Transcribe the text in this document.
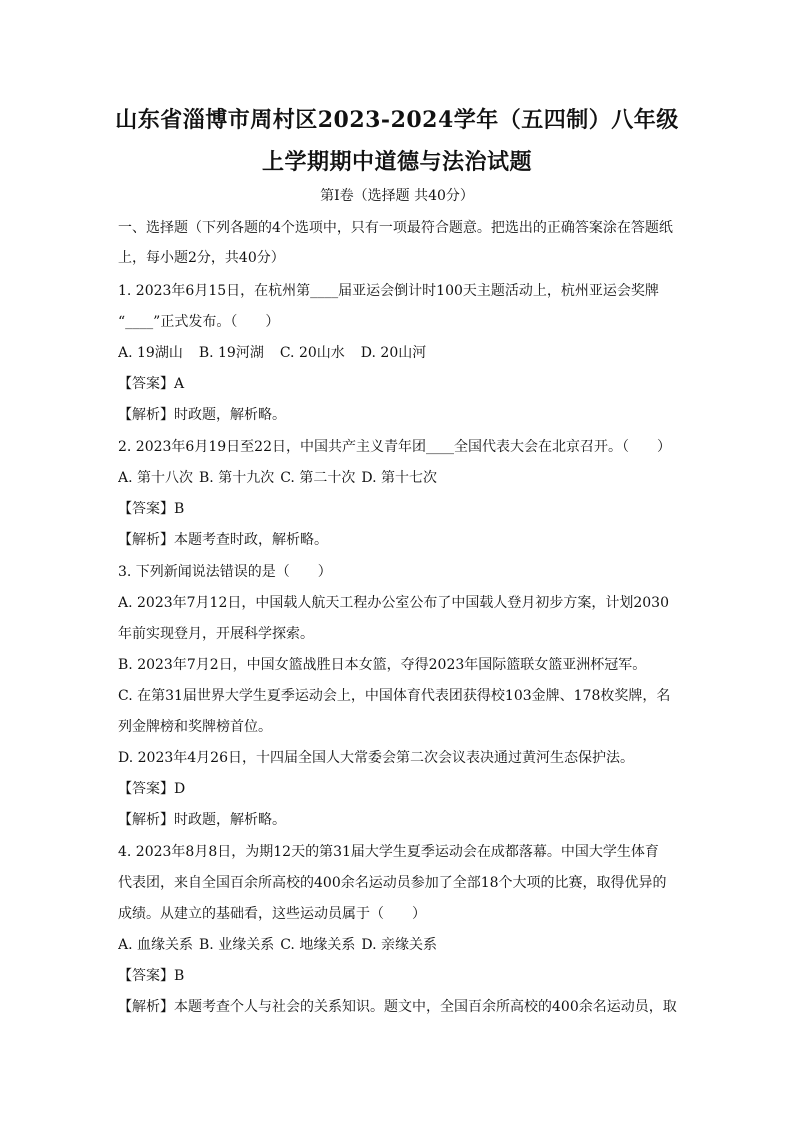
山东省淄博市周村区2023-2024学年（五四制）八年级
上学期期中道德与法治试题
第Ⅰ卷（选择题 共40分）
一、选择题（下列各题的4个选项中，只有一项最符合题意。把选出的正确答案涂在答题纸
上，每小题2分，共40分）
1. 2023年6月15日，在杭州第____届亚运会倒计时100天主题活动上，杭州亚运会奖牌
“____”正式发布。（　　）
A. 19湖山 B. 19河湖 C. 20山水 D. 20山河
【答案】A
【解析】时政题，解析略。
2. 2023年6月19日至22日，中国共产主义青年团____全国代表大会在北京召开。（　　）
A. 第十八次 B. 第十九次 C. 第二十次 D. 第十七次
【答案】B
【解析】本题考查时政，解析略。
3. 下列新闻说法错误的是（　　）
A. 2023年7月12日，中国载人航天工程办公室公布了中国载人登月初步方案，计划2030
年前实现登月，开展科学探索。
B. 2023年7月2日，中国女篮战胜日本女篮，夺得2023年国际篮联女篮亚洲杯冠军。
C. 在第31届世界大学生夏季运动会上，中国体育代表团获得校103金牌、178枚奖牌，名
列金牌榜和奖牌榜首位。
D. 2023年4月26日，十四届全国人大常委会第二次会议表决通过黄河生态保护法。
【答案】D
【解析】时政题，解析略。
4. 2023年8月8日，为期12天的第31届大学生夏季运动会在成都落幕。中国大学生体育
代表团，来自全国百余所高校的400余名运动员参加了全部18个大项的比赛，取得优异的
成绩。从建立的基础看，这些运动员属于（　　）
A. 血缘关系 B. 业缘关系 C. 地缘关系 D. 亲缘关系
【答案】B
【解析】本题考查个人与社会的关系知识。题文中，全国百余所高校的400余名运动员，取
